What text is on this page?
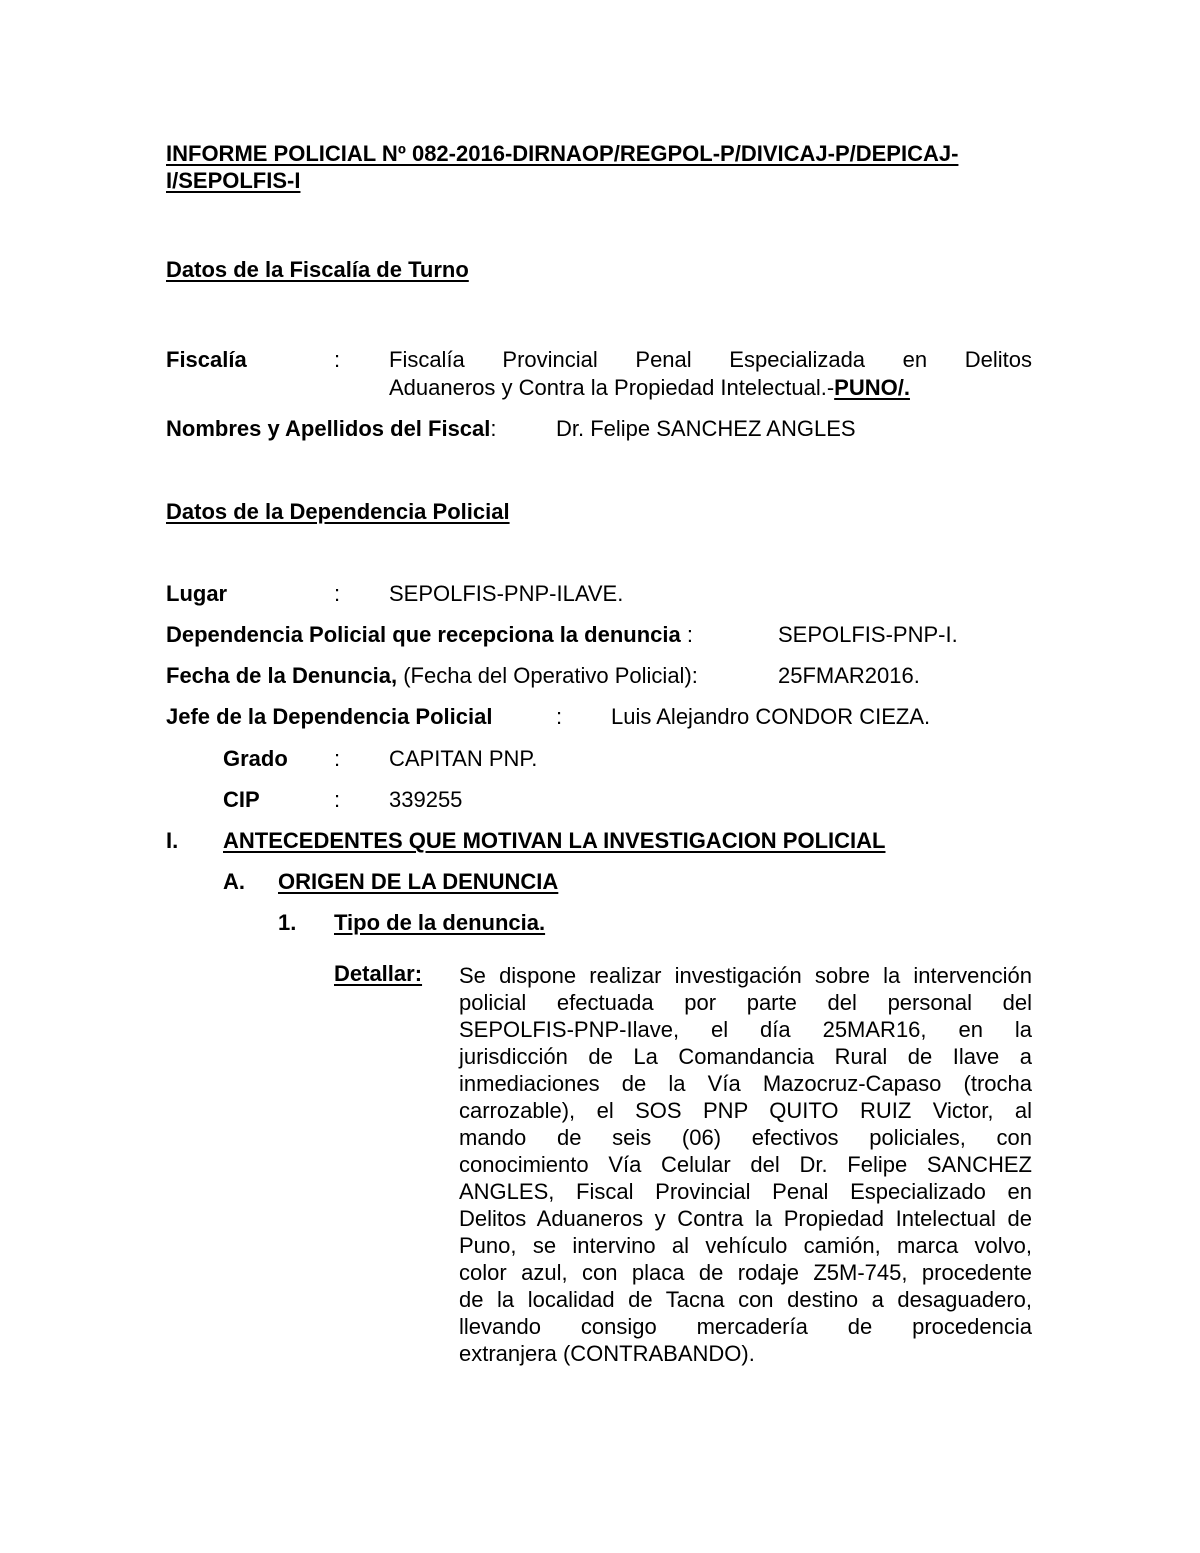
INFORME POLICIAL Nº 082-2016-DIRNAOP/REGPOL-P/DIVICAJ-P/DEPICAJ-
I/SEPOLFIS-I
Datos de la Fiscalía de Turno
Fiscalía	: Fiscalía Provincial Penal Especializada en Delitos
Aduaneros y Contra la Propiedad Intelectual.-PUNO/.
Nombres y Apellidos del Fiscal:	Dr. Felipe SANCHEZ ANGLES
Datos de la Dependencia Policial
Lugar	: SEPOLFIS-PNP-ILAVE.
Dependencia Policial que recepciona la denuncia :	SEPOLFIS-PNP-I.
Fecha de la Denuncia, (Fecha del Operativo Policial):	25FMAR2016.
Jefe de la Dependencia Policial	: Luis Alejandro CONDOR CIEZA.
Grado : CAPITAN PNP.
CIP	: 339255
I. ANTECEDENTES QUE MOTIVAN LA INVESTIGACION POLICIAL
A. ORIGEN DE LA DENUNCIA
1. Tipo de la denuncia.
Detallar: Se dispone realizar investigación sobre la intervención
policial efectuada por parte del personal del
SEPOLFIS-PNP-Ilave, el día 25MAR16, en la
jurisdicción de La Comandancia Rural de Ilave a
inmediaciones de la Vía Mazocruz-Capaso (trocha
carrozable), el SOS PNP QUITO RUIZ Victor, al
mando de seis (06) efectivos policiales, con
conocimiento Vía Celular del Dr. Felipe SANCHEZ
ANGLES, Fiscal Provincial Penal Especializado en
Delitos Aduaneros y Contra la Propiedad Intelectual de
Puno, se intervino al vehículo camión, marca volvo,
color azul, con placa de rodaje Z5M-745, procedente
de la localidad de Tacna con destino a desaguadero,
llevando consigo mercadería de procedencia
extranjera (CONTRABANDO).
